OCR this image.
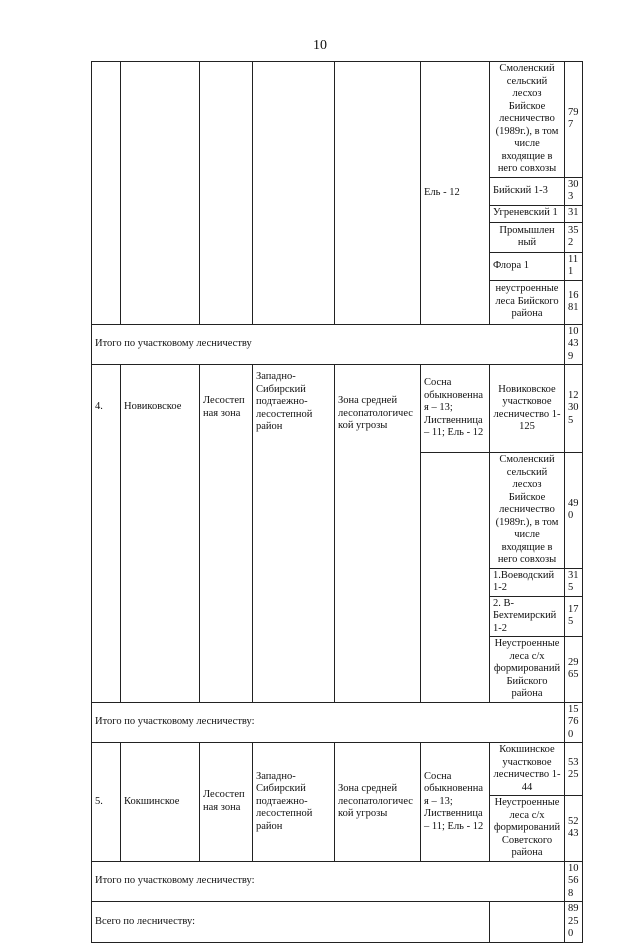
10
					Ель - 12	Смоленский сельский лесхоз Бийское лесничество (1989г.), в том числе входящие в него совхозы	797
						Бийский 1-3	303
						Угреневский 1	31
						Промышлен ный	352
						Флора 1	111
						неустроенные леса Бийского района	1681
Итого по участковому лесничеству							10439
4.	Новиковское	Лесостеп ная зона	Западно-Сибирский подтаежно-лесостепной район	Зона средней лесопатологичес кой угрозы	Сосна обыкновенная – 13; Лиственница – 11; Ель - 12	Новиковское участковое лесничество 1-125	12305
						Смоленский сельский лесхоз Бийское лесничество (1989г.), в том числе входящие в него совхозы	490
						1.Воеводский 1-2	315
						2. В-Бехтемирский 1-2	175
						Неустроенные леса с/х формирований Бийского района	2965
Итого по участковому лесничеству:							15760
5.	Кокшинское	Лесостеп ная зона	Западно-Сибирский подтаежно-лесостепной район	Зона средней лесопатологичес кой угрозы	Сосна обыкновенная – 13; Лиственница – 11; Ель - 12	Кокшинское участковое лесничество 1-44	5325
						Неустроенные леса с/х формирований Советского района	5243
Итого по участковому лесничеству:							10568
Всего по лесничеству:							89250
